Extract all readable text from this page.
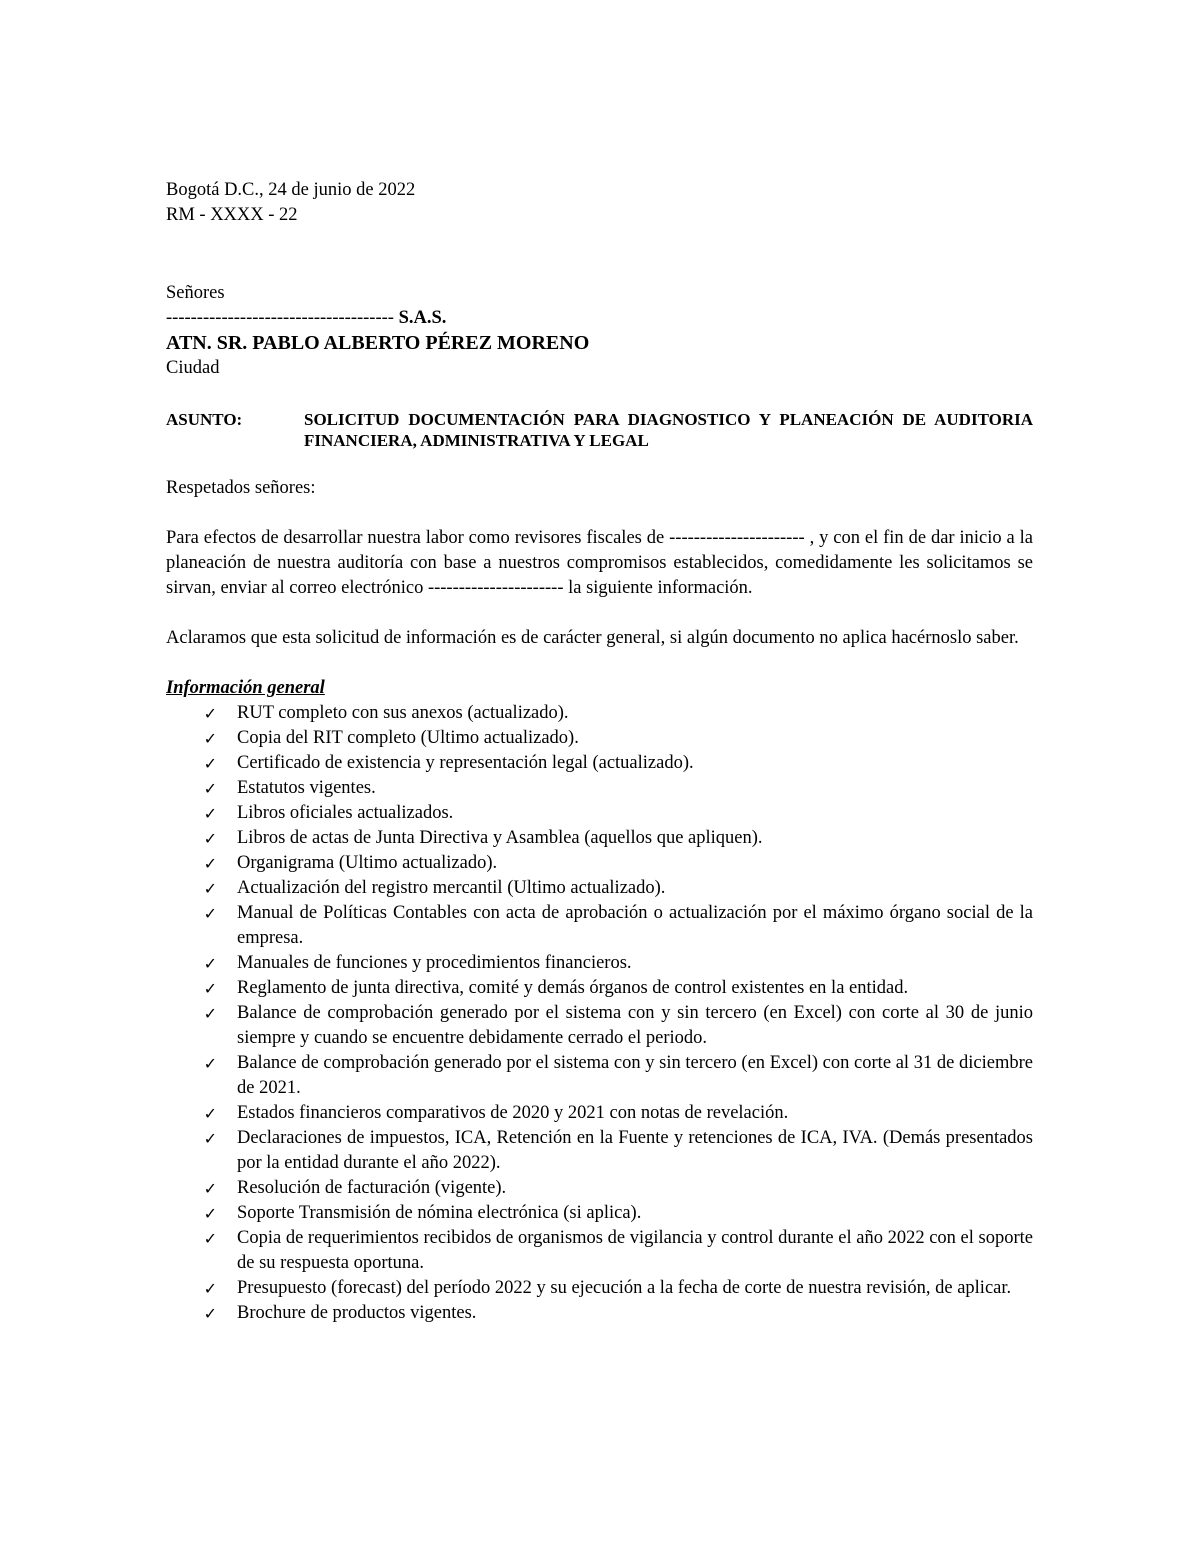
Bogotá D.C., 24 de junio de 2022
RM - XXXX - 22
Señores
------------------------------------- S.A.S.
ATN. SR. PABLO ALBERTO PÉREZ MORENO
Ciudad
ASUNTO:	SOLICITUD DOCUMENTACIÓN PARA DIAGNOSTICO Y PLANEACIÓN DE AUDITORIA FINANCIERA, ADMINISTRATIVA Y LEGAL
Respetados señores:

Para efectos de desarrollar nuestra labor como revisores fiscales de ---------------------- , y con el fin de dar inicio a la planeación de nuestra auditoría con base a nuestros compromisos establecidos, comedidamente les solicitamos se sirvan, enviar al correo electrónico ---------------------- la siguiente información.

Aclaramos que esta solicitud de información es de carácter general, si algún documento no aplica hacérnoslo saber.

Información general
✓	RUT completo con sus anexos (actualizado).
✓	Copia del RIT completo (Ultimo actualizado).
✓	Certificado de existencia y representación legal (actualizado).
✓	Estatutos vigentes.
✓	Libros oficiales actualizados.
✓	Libros de actas de Junta Directiva y Asamblea (aquellos que apliquen).
✓	Organigrama (Ultimo actualizado).
✓	Actualización del registro mercantil (Ultimo actualizado).
✓	Manual de Políticas Contables con acta de aprobación o actualización por el máximo órgano social de la empresa.
✓	Manuales de funciones y procedimientos financieros.
✓	Reglamento de junta directiva, comité y demás órganos de control existentes en la entidad.
✓	Balance de comprobación generado por el sistema con y sin tercero (en Excel) con corte al 30 de junio siempre y cuando se encuentre debidamente cerrado el periodo.
✓	Balance de comprobación generado por el sistema con y sin tercero (en Excel) con corte al 31 de diciembre de 2021.
✓	Estados financieros comparativos de 2020 y 2021 con notas de revelación.
✓	Declaraciones de impuestos, ICA, Retención en la Fuente y retenciones de ICA, IVA. (Demás presentados por la entidad durante el año 2022).
✓	Resolución de facturación (vigente).
✓	Soporte Transmisión de nómina electrónica (si aplica).
✓	Copia de requerimientos recibidos de organismos de vigilancia y control durante el año 2022 con el soporte de su respuesta oportuna.
✓	Presupuesto (forecast) del período 2022 y su ejecución a la fecha de corte de nuestra revisión, de aplicar.
✓	Brochure de productos vigentes.
